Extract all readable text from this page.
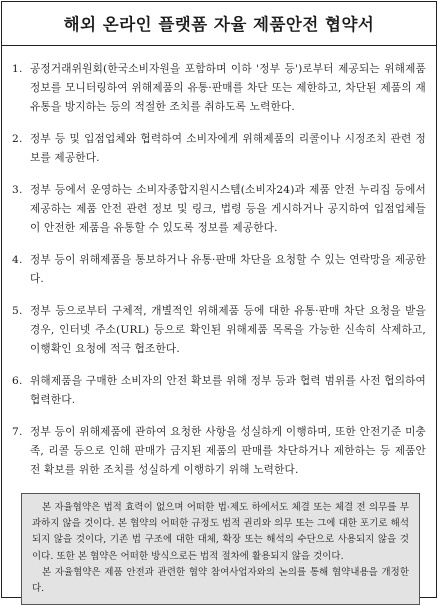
해외 온라인 플랫폼 자율 제품안전 협약서
1. 공정거래위원회(한국소비자원을 포함하며 이하 '정부 등')로부터 제공되는 위해제품 정보를 모니터링하여 위해제품의 유통·판매를 차단 또는 제한하고, 차단된 제품의 재유통을 방지하는 등의 적절한 조치를 취하도록 노력한다.
2. 정부 등 및 입점업체와 협력하여 소비자에게 위해제품의 리콜이나 시정조치 관련 정보를 제공한다.
3. 정부 등에서 운영하는 소비자종합지원시스템(소비자24)과 제품 안전 누리집 등에서 제공하는 제품 안전 관련 정보 및 링크, 법령 등을 게시하거나 공지하여 입점업체들이 안전한 제품을 유통할 수 있도록 정보를 제공한다.
4. 정부 등이 위해제품을 통보하거나 유통·판매 차단을 요청할 수 있는 연락망을 제공한다.
5. 정부 등으로부터 구체적, 개별적인 위해제품 등에 대한 유통·판매 차단 요청을 받을 경우, 인터넷 주소(URL) 등으로 확인된 위해제품 목록을 가능한 신속히 삭제하고, 이행확인 요청에 적극 협조한다.
6. 위해제품을 구매한 소비자의 안전 확보를 위해 정부 등과 협력 범위를 사전 협의하여 협력한다.
7. 정부 등이 위해제품에 관하여 요청한 사항을 성실하게 이행하며, 또한 안전기준 미충족, 리콜 등으로 인해 판매가 금지된 제품의 판매를 차단하거나 제한하는 등 제품안전 확보를 위한 조치를 성실하게 이행하기 위해 노력한다.

본 자율협약은 법적 효력이 없으며 어떠한 법·제도 하에서도 체결 또는 체결 전 의무를 부과하지 않을 것이다. 본 협약의 어떠한 규정도 법적 권리와 의무 또는 그에 대한 포기로 해석되지 않을 것이다, 기존 법 구조에 대한 대체, 확장 또는 해석의 수단으로 사용되지 않을 것이다. 또한 본 협약은 어떠한 방식으로든 법적 절차에 활용되지 않을 것이다.

본 자율협약은 제품 안전과 관련한 협약 참여사업자와의 논의를 통해 협약내용을 개정한다.
